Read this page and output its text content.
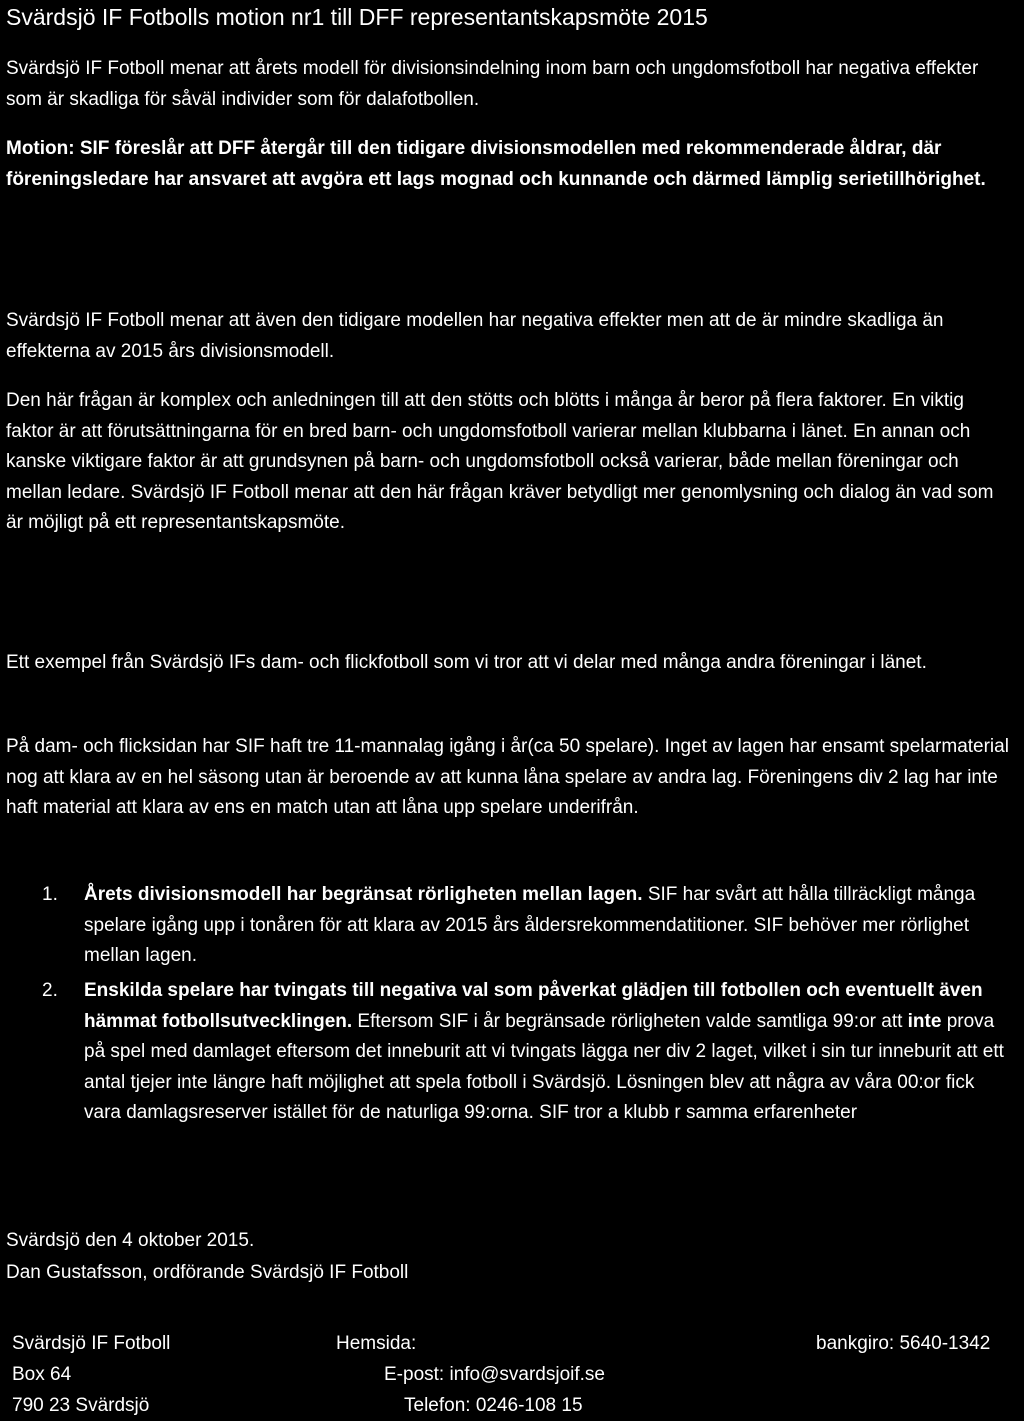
Svärdsjö IF Fotbolls motion nr1 till DFF representantskapsmöte 2015

Svärdsjö IF Fotboll menar att årets modell för divisionsindelning inom barn och ungdomsfotboll har negativa effekter som är skadliga för såväl individer som för dalafotbollen.

Motion: SIF föreslår att DFF återgår till den tidigare divisionsmodellen med rekommenderade åldrar, där föreningsledare har ansvaret att avgöra ett lags mognad och kunnande och därmed lämplig serietillhörighet.

Svärdsjö IF Fotboll menar att även den tidigare modellen har negativa effekter men att de är mindre skadliga än effekterna av 2015 års divisionsmodell.

Den här frågan är komplex och anledningen till att den stötts och blötts i många år beror på flera faktorer. En viktig faktor är att förutsättningarna för en bred barn- och ungdomsfotboll varierar mellan klubbarna i länet. En annan och kanske viktigare faktor är att grundsynen på barn- och ungdomsfotboll också varierar, både mellan föreningar och mellan ledare. Svärdsjö IF Fotboll menar att den här frågan kräver betydligt mer genomlysning och dialog än vad som är möjligt på ett representantskapsmöte.

Ett exempel från Svärdsjö IFs dam- och flickfotboll som vi tror att vi delar med många andra föreningar i länet.

På dam- och flicksidan har SIF haft tre 11-mannalag igång i år(ca 50 spelare). Inget av lagen har ensamt spelarmaterial nog att klara av en hel säsong utan är beroende av att kunna låna spelare av andra lag. Föreningens div 2 lag har inte haft material att klara av ens en match utan att låna upp spelare underifrån.

1. Årets divisionsmodell har begränsat rörligheten mellan lagen. SIF har svårt att hålla tillräckligt många spelare igång upp i tonåren för att klara av 2015 års åldersrekommendatitioner. SIF behöver mer rörlighet mellan lagen.
2. Enskilda spelare har tvingats till negativa val som påverkat glädjen till fotbollen och eventuellt även hämmat fotbollsutvecklingen. Eftersom SIF i år begränsade rörligheten valde samtliga 99:or att inte prova på spel med damlaget eftersom det inneburit att vi tvingats lägga ner div 2 laget, vilket i sin tur inneburit att ett antal tjejer inte längre haft möjlighet att spela fotboll i Svärdsjö. Lösningen blev att några av våra 00:or fick vara damlagsreserver istället för de naturliga 99:orna. SIF tror a klubb r samma erfarenheter
Svärdsjö den 4 oktober 2015.
Dan Gustafsson, ordförande Svärdsjö IF Fotboll
Svärdsjö IF Fotboll
Box 64
790 23 Svärdsjö
Hemsida:
E-post: info@svardsjoif.se
Telefon: 0246-108 15
bankgiro: 5640-1342
